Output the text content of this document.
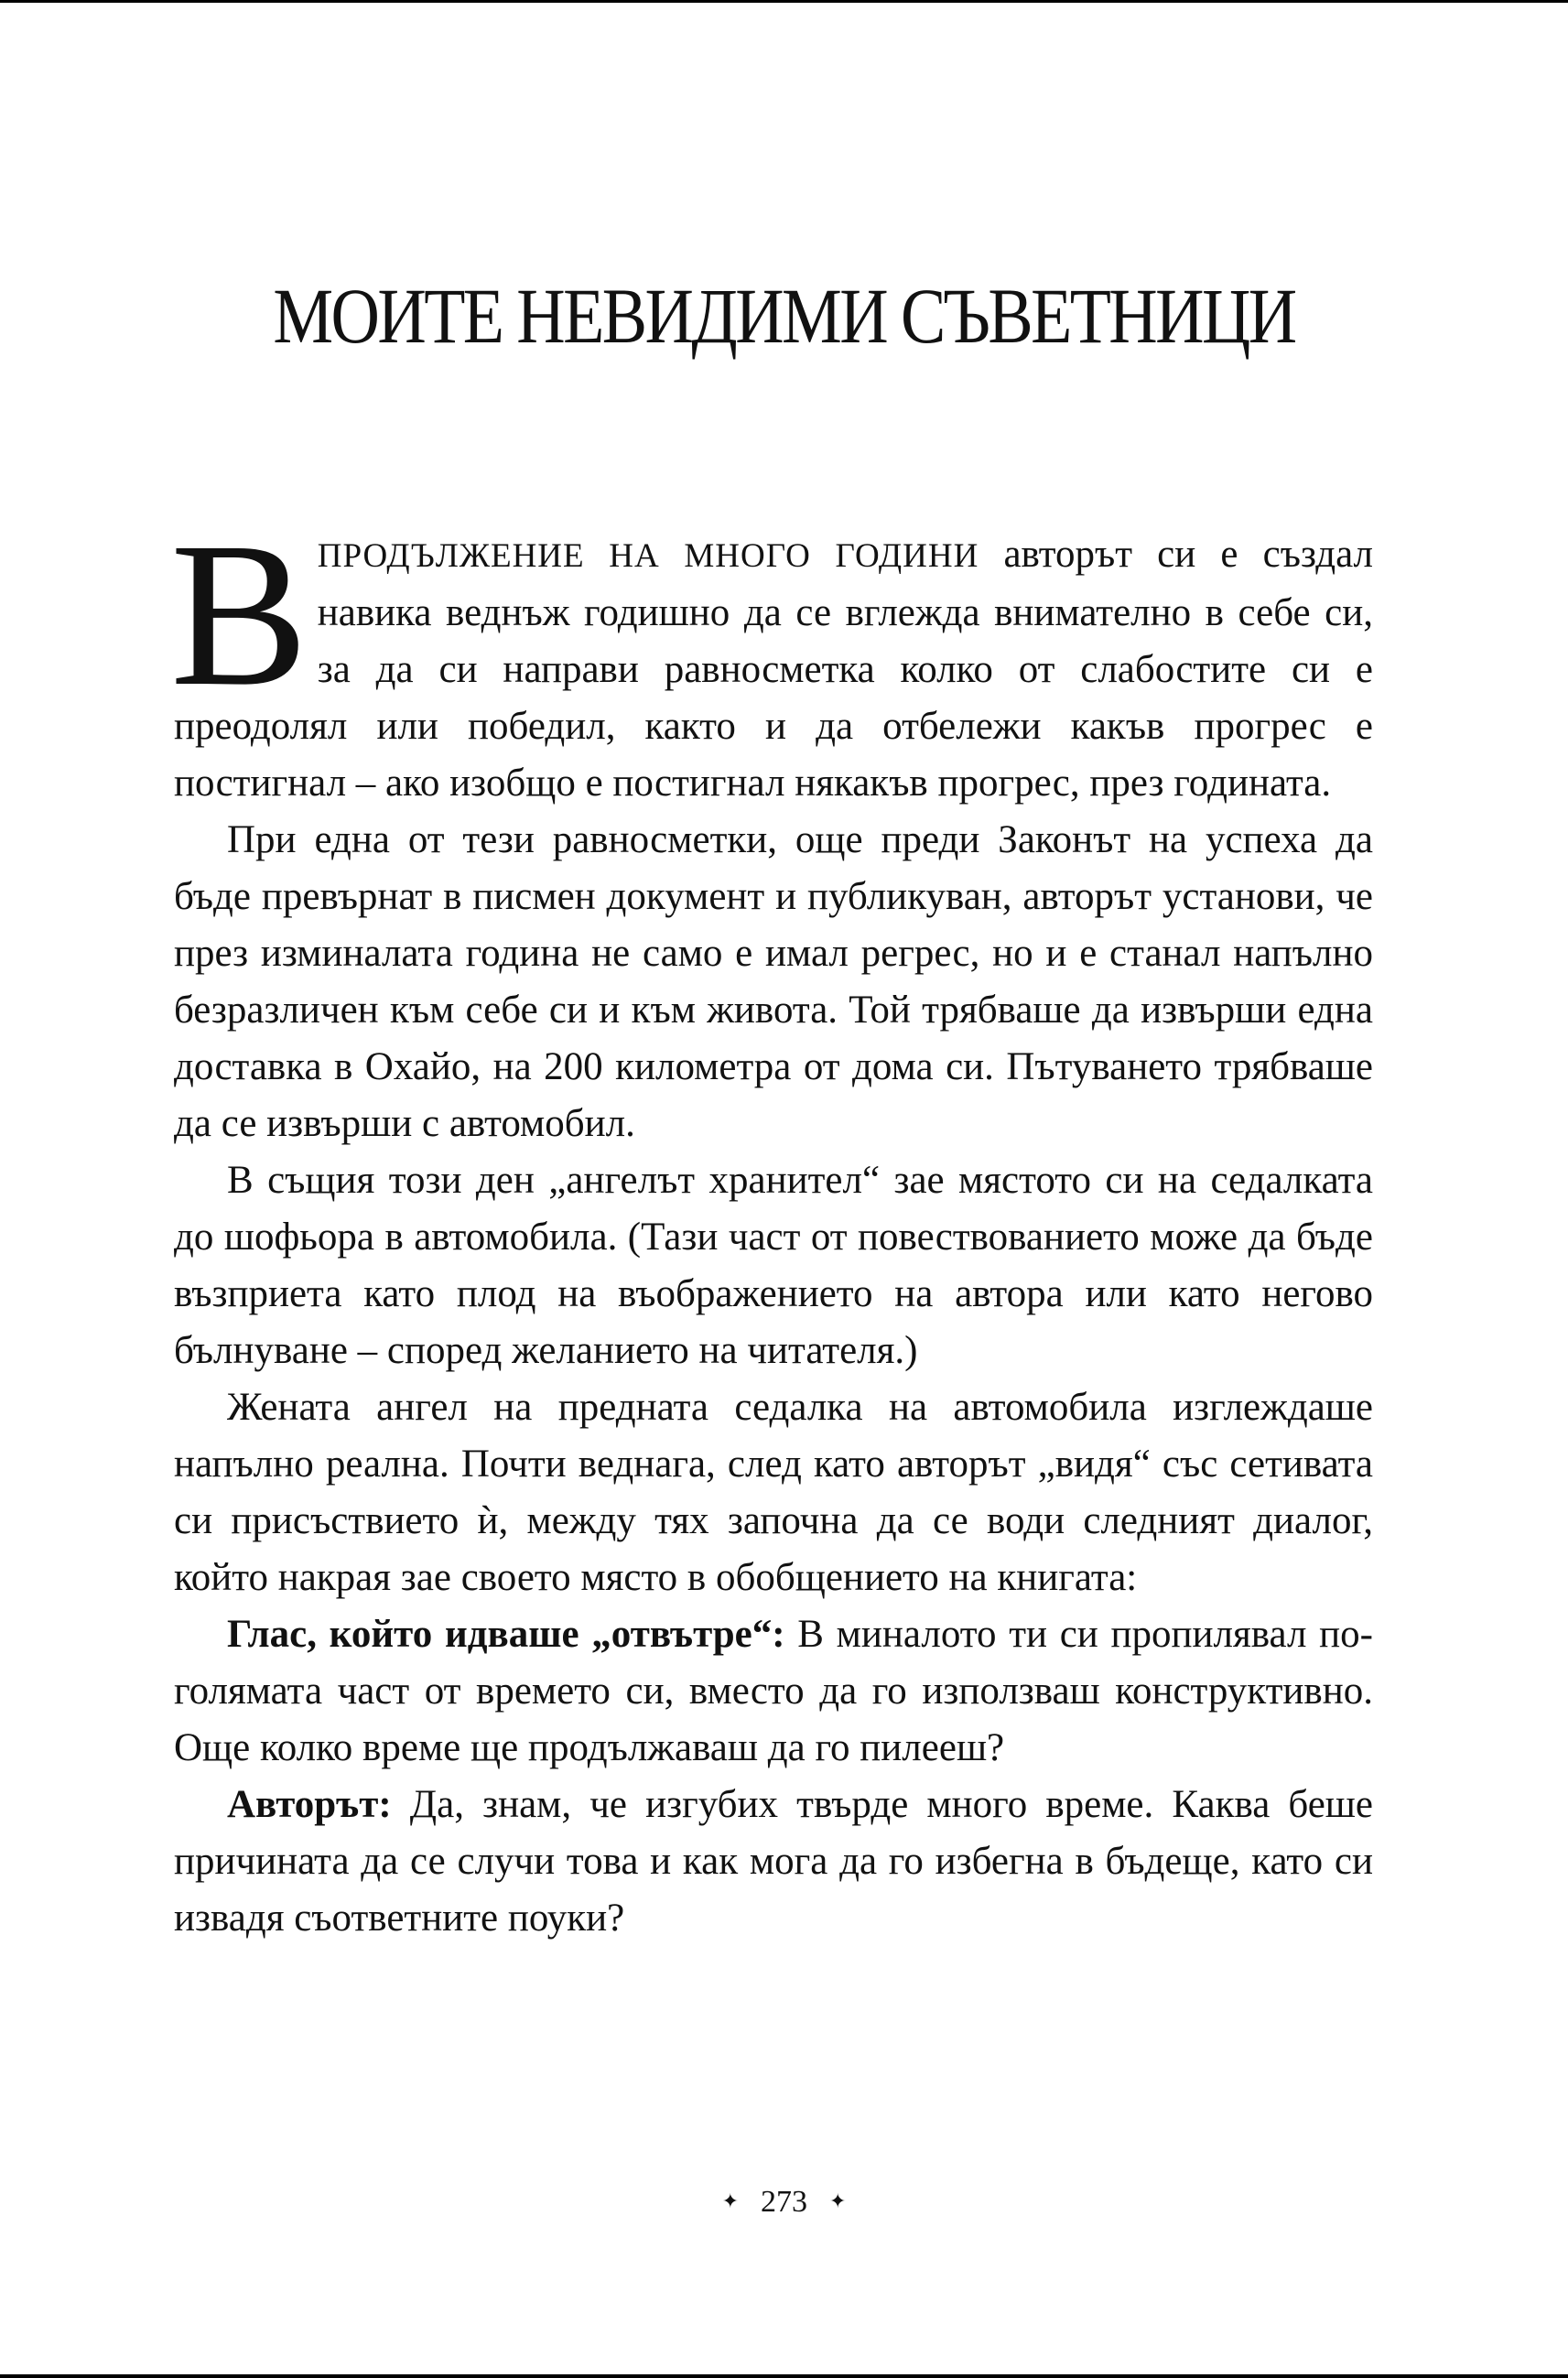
МОИТЕ НЕВИДИМИ СЪВЕТНИЦИ

ВПРОДЪЛЖЕНИЕ НА МНОГО ГОДИНИ авторът си е създал навика веднъж годишно да се вглежда внимателно в себе си, за да си направи равносметка колко от слабостите си е преодолял или победил, както и да отбележи какъв прогрес е постигнал – ако изобщо е постигнал някакъв прогрес, през годината.

При една от тези равносметки, още преди Законът на успеха да бъде превърнат в писмен документ и публикуван, авторът установи, че през изминалата година не само е имал регрес, но и е станал напълно безразличен към себе си и към живота. Той трябваше да извърши една доставка в Охайо, на 200 километра от дома си. Пътуването трябваше да се извърши с автомобил.

В същия този ден „ангелът хранител“ зае мястото си на седалката до шофьора в автомобила. (Тази част от повествованието може да бъде възприета като плод на въображението на автора или като негово бълнуване – според желанието на читателя.)

Жената ангел на предната седалка на автомобила изглеждаше напълно реална. Почти веднага, след като авторът „видя“ със сетивата си присъствието ѝ, между тях започна да се води следният диалог, който накрая зае своето място в обобщението на книгата:

Глас, който идваше „отвътре“: В миналото ти си пропилявал по-голямата част от времето си, вместо да го използваш конструктивно. Още колко време ще продължаваш да го пилееш?

Авторът: Да, знам, че изгубих твърде много време. Каква беше причината да се случи това и как мога да го избегна в бъдеще, като си извадя съответните поуки?

✦ 273 ✦
